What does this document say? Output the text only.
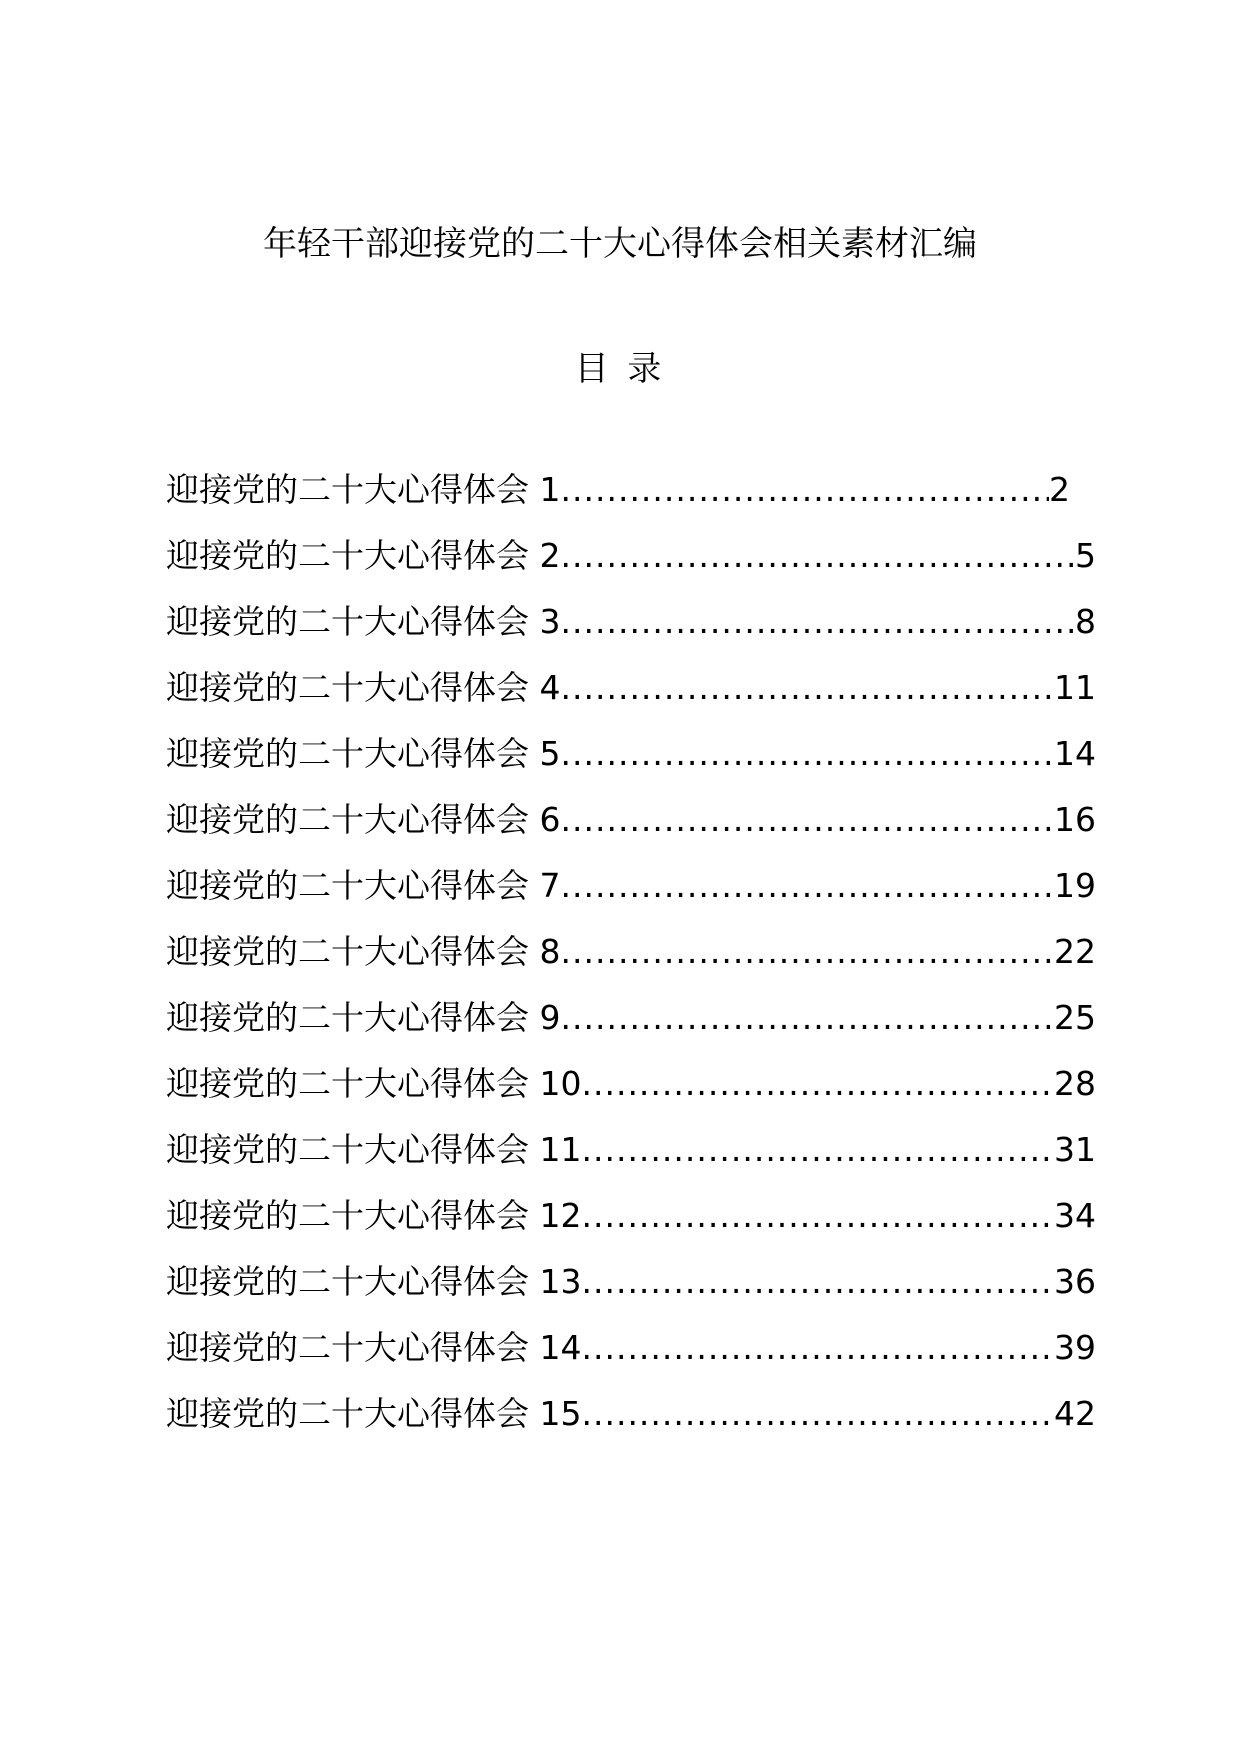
年轻干部迎接党的二十大心得体会相关素材汇编
目 录
迎接党的二十大心得体会 1 .....	2
迎接党的二十大心得体会 2 .....	5
迎接党的二十大心得体会 3 .....	8
迎接党的二十大心得体会 4 .....	11
迎接党的二十大心得体会 5 .....	14
迎接党的二十大心得体会 6 .....	16
迎接党的二十大心得体会 7 .....	19
迎接党的二十大心得体会 8 .....	22
迎接党的二十大心得体会 9 .....	25
迎接党的二十大心得体会 10 .....	28
迎接党的二十大心得体会 11 .....	31
迎接党的二十大心得体会 12 .....	34
迎接党的二十大心得体会 13 .....	36
迎接党的二十大心得体会 14 .....	39
迎接党的二十大心得体会 15 .....	42
